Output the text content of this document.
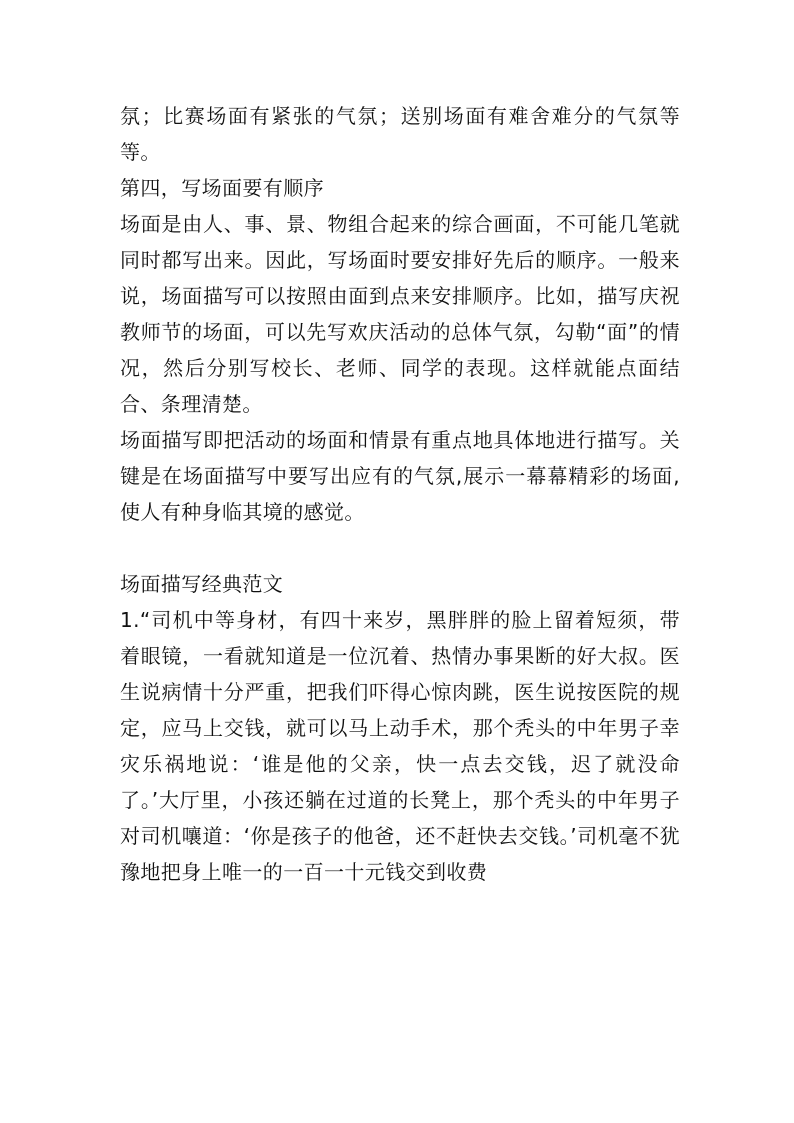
氛；比赛场面有紧张的气氛；送别场面有难舍难分的气氛等等。

第四，写场面要有顺序

场面是由人、事、景、物组合起来的综合画面，不可能几笔就同时都写出来。因此，写场面时要安排好先后的顺序。一般来说，场面描写可以按照由面到点来安排顺序。比如，描写庆祝教师节的场面，可以先写欢庆活动的总体气氛，勾勒“面”的情况，然后分别写校长、老师、同学的表现。这样就能点面结合、条理清楚。

场面描写即把活动的场面和情景有重点地具体地进行描写。关键是在场面描写中要写出应有的气氛,展示一幕幕精彩的场面,使人有种身临其境的感觉。

场面描写经典范文

1.“司机中等身材，有四十来岁，黑胖胖的脸上留着短须，带着眼镜，一看就知道是一位沉着、热情办事果断的好大叔。医生说病情十分严重，把我们吓得心惊肉跳，医生说按医院的规定，应马上交钱，就可以马上动手术，那个秃头的中年男子幸灾乐祸地说：‘谁是他的父亲，快一点去交钱，迟了就没命了。’大厅里，小孩还躺在过道的长凳上，那个秃头的中年男子对司机嚷道：‘你是孩子的他爸，还不赶快去交钱。’司机毫不犹豫地把身上唯一的一百一十元钱交到收费
